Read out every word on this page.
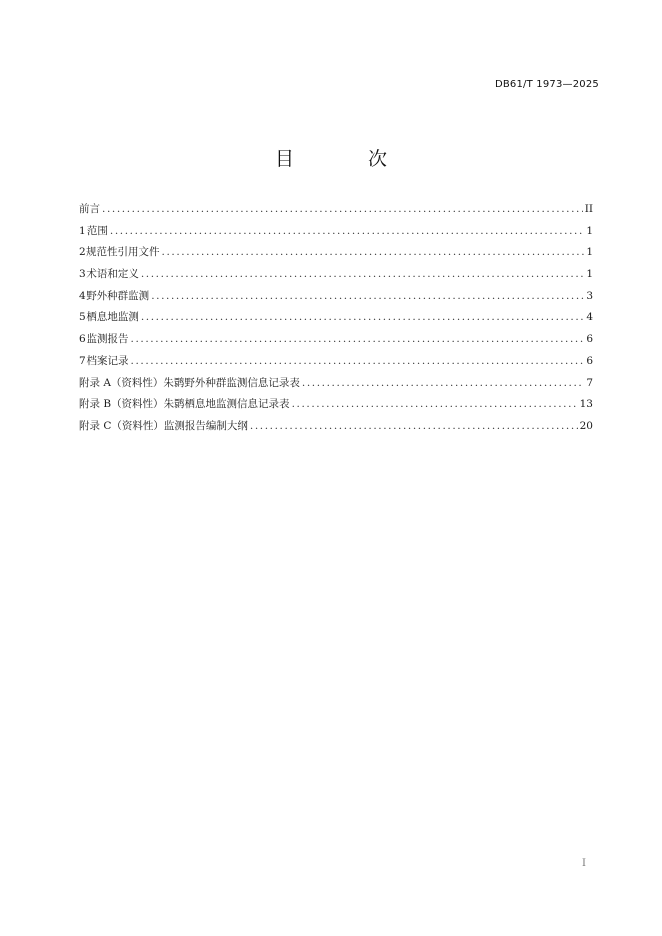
DB61/T 1973—2025
目 次
前言 .....	II
1 范围 .....	1
2 规范性引用文件 .....	1
3 术语和定义 .....	1
4 野外种群监测 .....	3
5 栖息地监测 .....	4
6 监测报告 .....	6
7 档案记录 .....	6
附录 A （资料性） 朱鹮野外种群监测信息记录表 .....	7
附录 B （资料性） 朱鹮栖息地监测信息记录表 .....	13
附录 C （资料性） 监测报告编制大纲 .....	20
I
